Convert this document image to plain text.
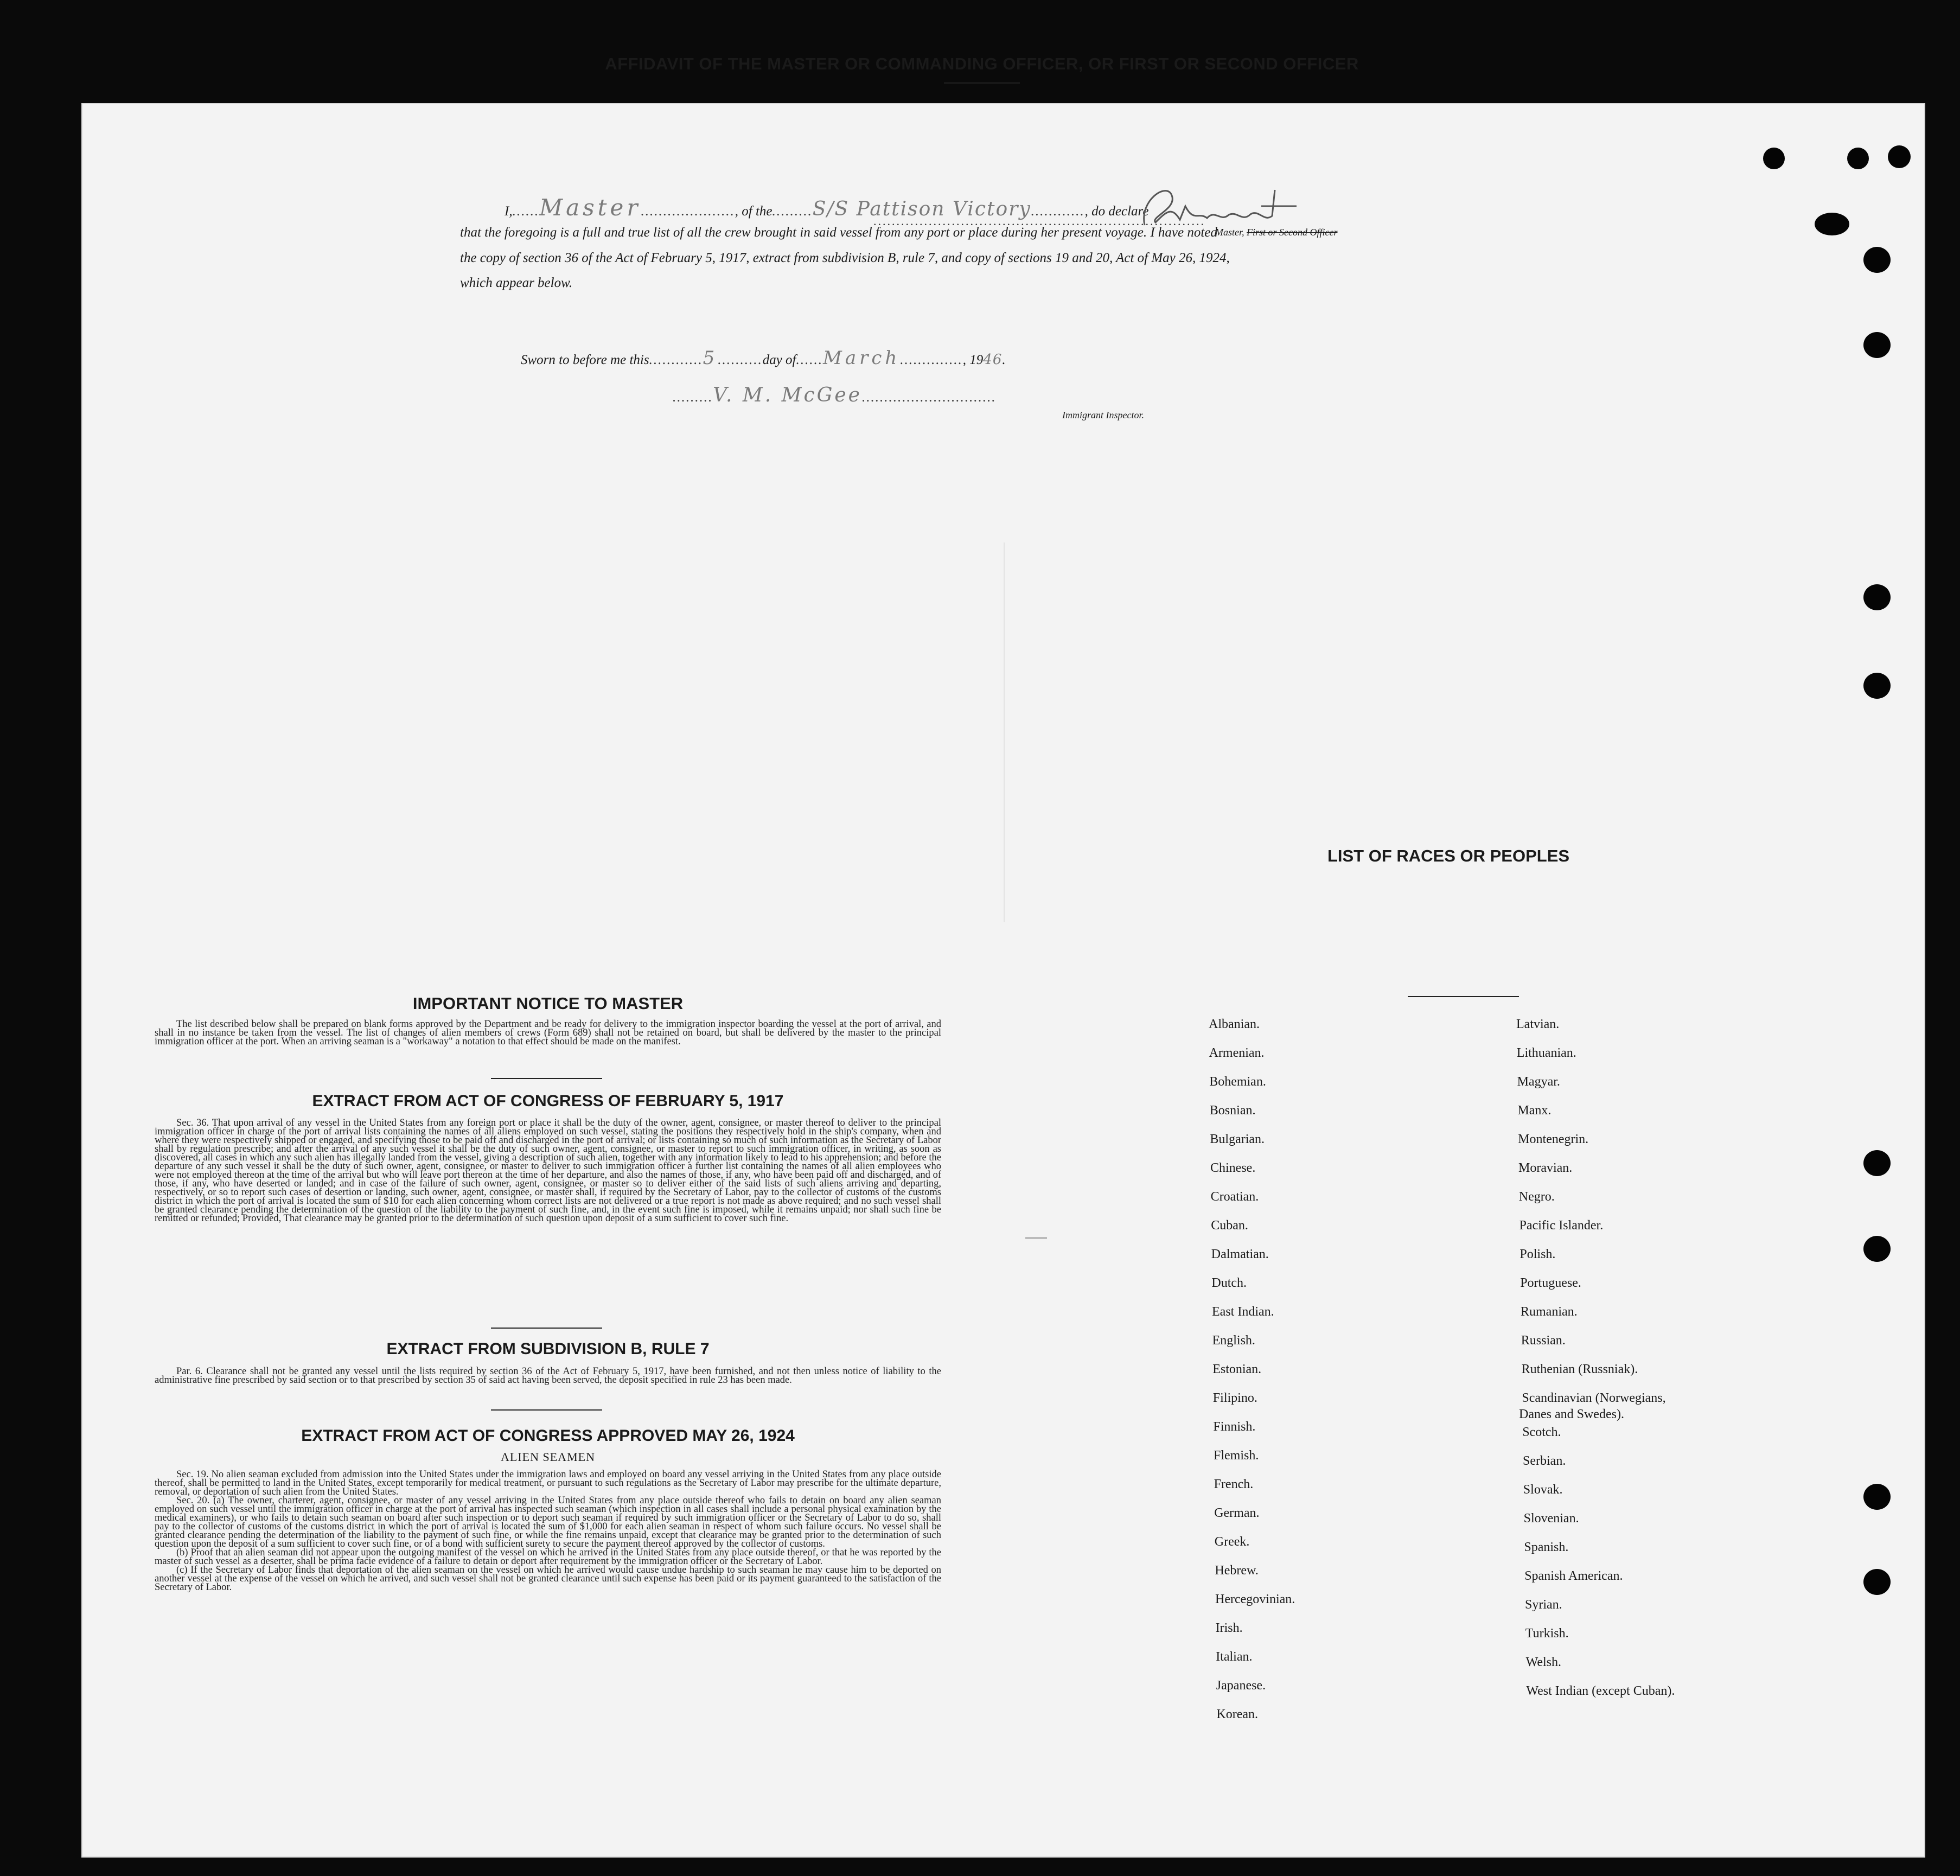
AFFIDAVIT OF THE MASTER OR COMMANDING OFFICER, OR FIRST OR SECOND OFFICER
I,......Master....................., of the.........S/S Pattison Victory............, do declare
that the foregoing is a full and true list of all the crew brought in said vessel from any port or place during her present voyage. I have noted
the copy of section 36 of the Act of February 5, 1917, extract from subdivision B, rule 7, and copy of sections 19 and 20, Act of May 26, 1924,
which appear below.
........................................................................
Master, First or Second Officer
Sworn to before me this............5..........day of......March.............., 1946.
.........V. M. McGee..............................
Immigrant Inspector.
IMPORTANT NOTICE TO MASTER

The list described below shall be prepared on blank forms approved by the Department and be ready for delivery to the immigration inspector boarding the vessel at the port of arrival, and shall in no instance be taken from the vessel. The list of changes of alien members of crews (Form 689) shall not be retained on board, but shall be delivered by the master to the principal immigration officer at the port. When an arriving seaman is a "workaway" a notation to that effect should be made on the manifest.

EXTRACT FROM ACT OF CONGRESS OF FEBRUARY 5, 1917

Sec. 36. That upon arrival of any vessel in the United States from any foreign port or place it shall be the duty of the owner, agent, consignee, or master thereof to deliver to the principal immigration officer in charge of the port of arrival lists containing the names of all aliens employed on such vessel, stating the positions they respectively hold in the ship's company, when and where they were respectively shipped or engaged, and specifying those to be paid off and discharged in the port of arrival; or lists containing so much of such information as the Secretary of Labor shall by regulation prescribe; and after the arrival of any such vessel it shall be the duty of such owner, agent, consignee, or master to report to such immigration officer, in writing, as soon as discovered, all cases in which any such alien has illegally landed from the vessel, giving a description of such alien, together with any information likely to lead to his apprehension; and before the departure of any such vessel it shall be the duty of such owner, agent, consignee, or master to deliver to such immigration officer a further list containing the names of all alien employees who were not employed thereon at the time of the arrival but who will leave port thereon at the time of her departure, and also the names of those, if any, who have been paid off and discharged, and of those, if any, who have deserted or landed; and in case of the failure of such owner, agent, consignee, or master so to deliver either of the said lists of such aliens arriving and departing, respectively, or so to report such cases of desertion or landing, such owner, agent, consignee, or master shall, if required by the Secretary of Labor, pay to the collector of customs of the customs district in which the port of arrival is located the sum of $10 for each alien concerning whom correct lists are not delivered or a true report is not made as above required; and no such vessel shall be granted clearance pending the determination of the question of the liability to the payment of such fine, and, in the event such fine is imposed, while it remains unpaid; nor shall such fine be remitted or refunded; Provided, That clearance may be granted prior to the determination of such question upon deposit of a sum sufficient to cover such fine.

EXTRACT FROM SUBDIVISION B, RULE 7

Par. 6. Clearance shall not be granted any vessel until the lists required by section 36 of the Act of February 5, 1917, have been furnished, and not then unless notice of liability to the administrative fine prescribed by said section or to that prescribed by section 35 of said act having been served, the deposit specified in rule 23 has been made.

EXTRACT FROM ACT OF CONGRESS APPROVED MAY 26, 1924
ALIEN SEAMEN

Sec. 19. No alien seaman excluded from admission into the United States under the immigration laws and employed on board any vessel arriving in the United States from any place outside thereof, shall be permitted to land in the United States, except temporarily for medical treatment, or pursuant to such regulations as the Secretary of Labor may prescribe for the ultimate departure, removal, or deportation of such alien from the United States.

Sec. 20. (a) The owner, charterer, agent, consignee, or master of any vessel arriving in the United States from any place outside thereof who fails to detain on board any alien seaman employed on such vessel until the immigration officer in charge at the port of arrival has inspected such seaman (which inspection in all cases shall include a personal physical examination by the medical examiners), or who fails to detain such seaman on board after such inspection or to deport such seaman if required by such immigration officer or the Secretary of Labor to do so, shall pay to the collector of customs of the customs district in which the port of arrival is located the sum of $1,000 for each alien seaman in respect of whom such failure occurs. No vessel shall be granted clearance pending the determination of the liability to the payment of such fine, or while the fine remains unpaid, except that clearance may be granted prior to the determination of such question upon the deposit of a sum sufficient to cover such fine, or of a bond with sufficient surety to secure the payment thereof approved by the collector of customs.

(b) Proof that an alien seaman did not appear upon the outgoing manifest of the vessel on which he arrived in the United States from any place outside thereof, or that he was reported by the master of such vessel as a deserter, shall be prima facie evidence of a failure to detain or deport after requirement by the immigration officer or the Secretary of Labor.

(c) If the Secretary of Labor finds that deportation of the alien seaman on the vessel on which he arrived would cause undue hardship to such seaman he may cause him to be deported on another vessel at the expense of the vessel on which he arrived, and such vessel shall not be granted clearance until such expense has been paid or its payment guaranteed to the satisfaction of the Secretary of Labor.

LIST OF RACES OR PEOPLES
Albanian.
Armenian.
Bohemian.
Bosnian.
Bulgarian.
Chinese.
Croatian.
Cuban.
Dalmatian.
Dutch.
East Indian.
English.
Estonian.
Filipino.
Finnish.
Flemish.
French.
German.
Greek.
Hebrew.
Hercegovinian.
Irish.
Italian.
Japanese.
Korean.
Latvian.
Lithuanian.
Magyar.
Manx.
Montenegrin.
Moravian.
Negro.
Pacific Islander.
Polish.
Portuguese.
Rumanian.
Russian.
Ruthenian (Russniak).
Scandinavian (Norwegians,
Danes and Swedes).
Scotch.
Serbian.
Slovak.
Slovenian.
Spanish.
Spanish American.
Syrian.
Turkish.
Welsh.
West Indian (except Cuban).
